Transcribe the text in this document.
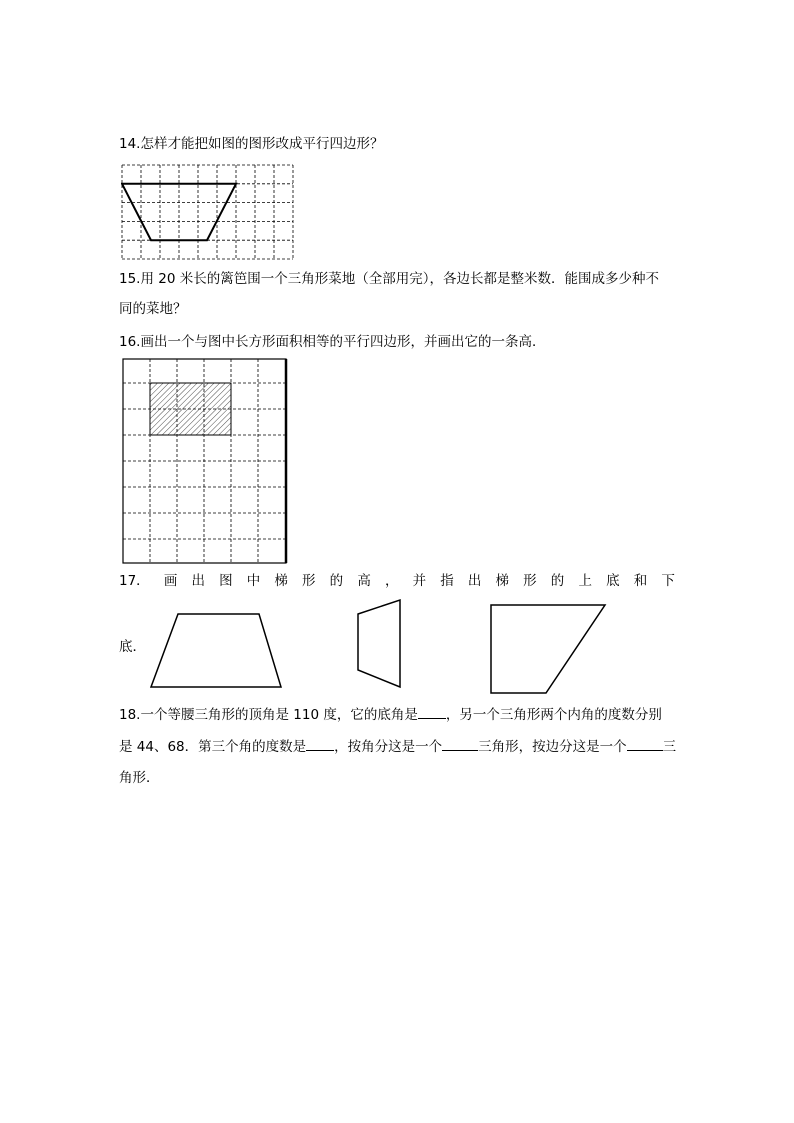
14.怎样才能把如图的图形改成平行四边形？
15.用 20 米长的篱笆围一个三角形菜地（全部用完），各边长都是整米数．能围成多少种不
同的菜地？
16.画出一个与图中长方形面积相等的平行四边形，并画出它的一条高．
17． 画 出 图 中 梯 形 的 高 ， 并 指 出 梯 形 的 上 底 和 下
底．
18.一个等腰三角形的顶角是 110 度，它的底角是 ，另一个三角形两个内角的度数分别
是 44、68．第三个角的度数是 ，按角分这是一个	三角形，按边分这是一个	三
角形．
